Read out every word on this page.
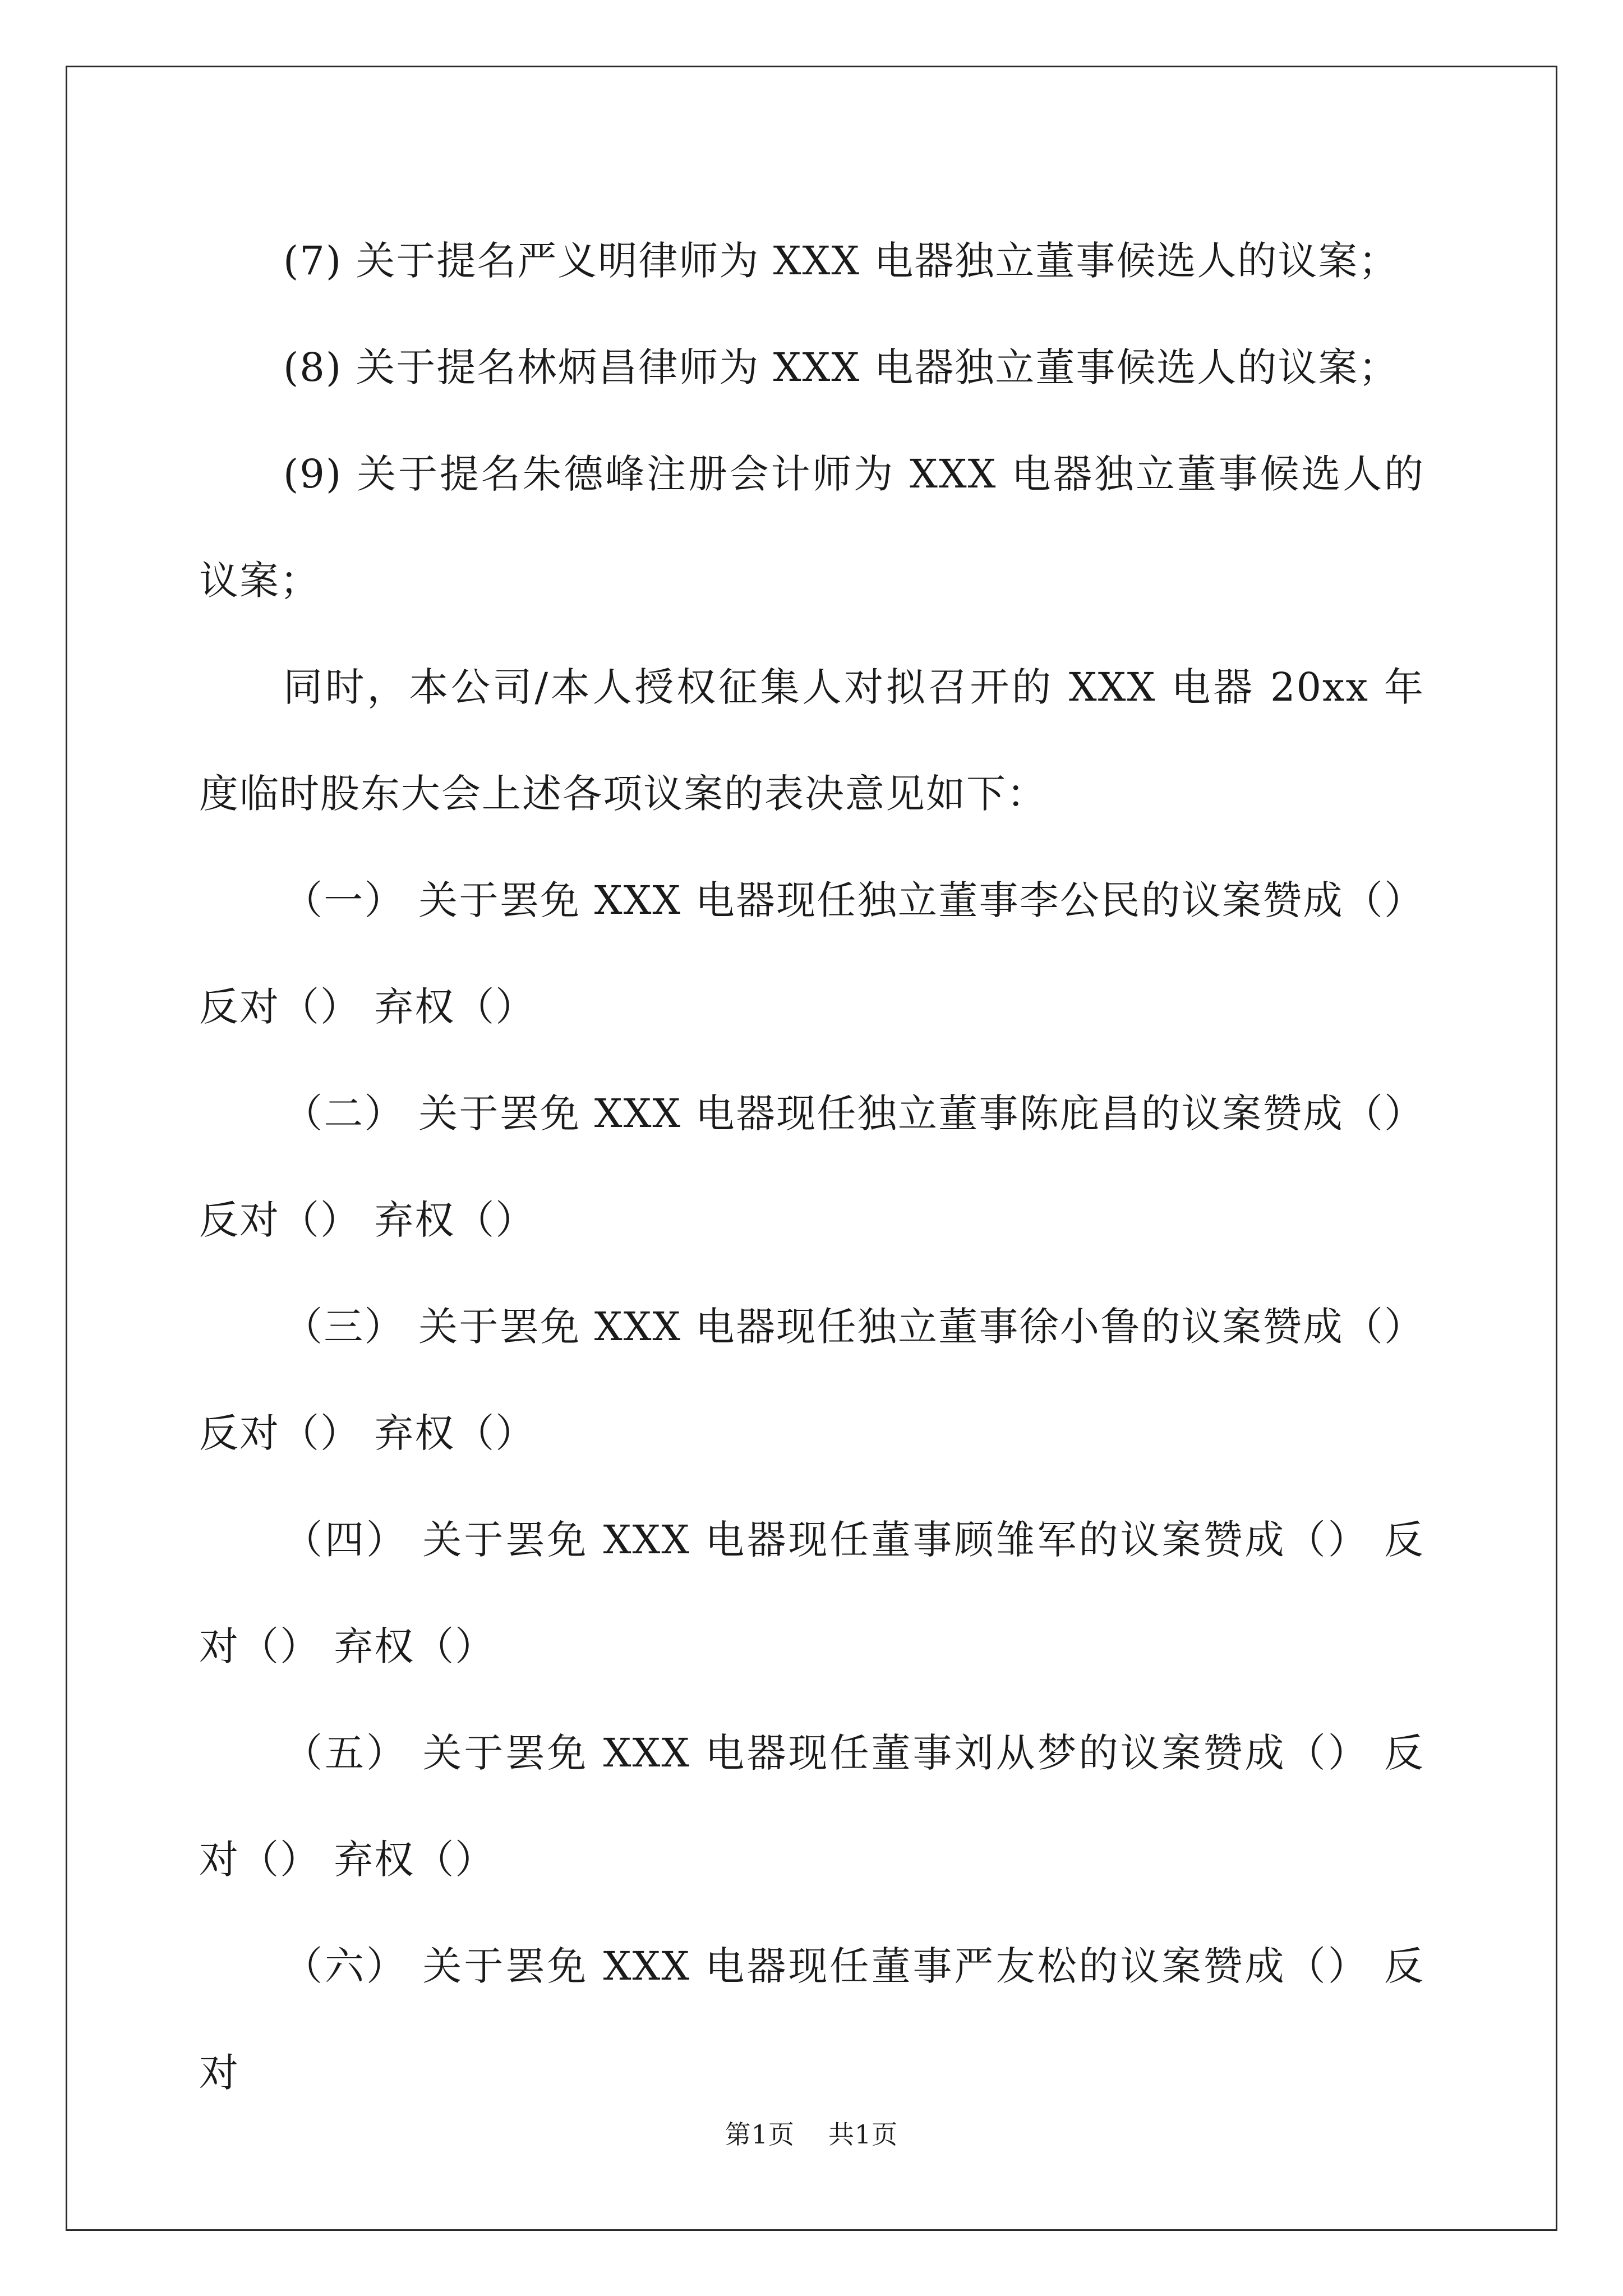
(7) 关于提名严义明律师为 XXX 电器独立董事候选人的议案；

(8) 关于提名林炳昌律师为 XXX 电器独立董事候选人的议案；

(9) 关于提名朱德峰注册会计师为 XXX 电器独立董事候选人的议案；

同时，本公司/本人授权征集人对拟召开的 XXX 电器 20xx 年度临时股东大会上述各项议案的表决意见如下：

（一） 关于罢免 XXX 电器现任独立董事李公民的议案赞成（） 反对（） 弃权（）

（二） 关于罢免 XXX 电器现任独立董事陈庇昌的议案赞成（） 反对（） 弃权（）

（三） 关于罢免 XXX 电器现任独立董事徐小鲁的议案赞成（） 反对（） 弃权（）

（四） 关于罢免 XXX 电器现任董事顾雏军的议案赞成（） 反对（） 弃权（）

（五） 关于罢免 XXX 电器现任董事刘从梦的议案赞成（） 反对（） 弃权（）

（六） 关于罢免 XXX 电器现任董事严友松的议案赞成（） 反对

第1页 共1页
